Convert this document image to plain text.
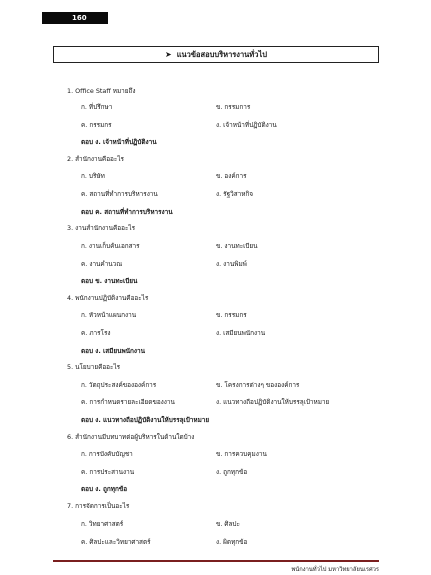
160
➤ แนวข้อสอบบริหารงานทั่วไป
1. Office Staff หมายถึง
ก. ที่ปรึกษา	ข. กรรมการ
ค. กรรมกร	ง. เจ้าหน้าที่ปฏิบัติงาน
ตอบ ง. เจ้าหน้าที่ปฏิบัติงาน
2. สำนักงานคืออะไร
ก. บริษัท	ข. องค์การ
ค. สถานที่ทำการบริหารงาน	ง. รัฐวิสาหกิจ
ตอบ ค. สถานที่ทำการบริหารงาน
3. งานสำนักงานคืออะไร
ก. งานเก็บค้นเอกสาร	ข. งานทะเบียน
ค. งานคำนวณ	ง. งานพิมพ์
ตอบ ข. งานทะเบียน
4. พนักงานปฏิบัติงานคืออะไร
ก. หัวหน้าแผนกงาน	ข. กรรมกร
ค. ภารโรง	ง. เสมียนพนักงาน
ตอบ ง. เสมียนพนักงาน
5. นโยบายคืออะไร
ก. วัตถุประสงค์ขององค์การ	ข. โครงการต่างๆ ขององค์การ
ค. การกำหนดรายละเอียดของงาน	ง. แนวทางถือปฏิบัติงานให้บรรลุเป้าหมาย
ตอบ ง. แนวทางถือปฏิบัติงานให้บรรลุเป้าหมาย
6. สำนักงานมีบทบาทต่อผู้บริหารในด้านใดบ้าง
ก. การบังคับบัญชา	ข. การควบคุมงาน
ค. การประสานงาน	ง. ถูกทุกข้อ
ตอบ ง. ถูกทุกข้อ
7. การจัดการเป็นอะไร
ก. วิทยาศาสตร์	ข. ศิลปะ
ค. ศิลปะและวิทยาศาสตร์	ง. ผิดทุกข้อ
พนักงานทั่วไป มหาวิทยาลัยนเรศวร
